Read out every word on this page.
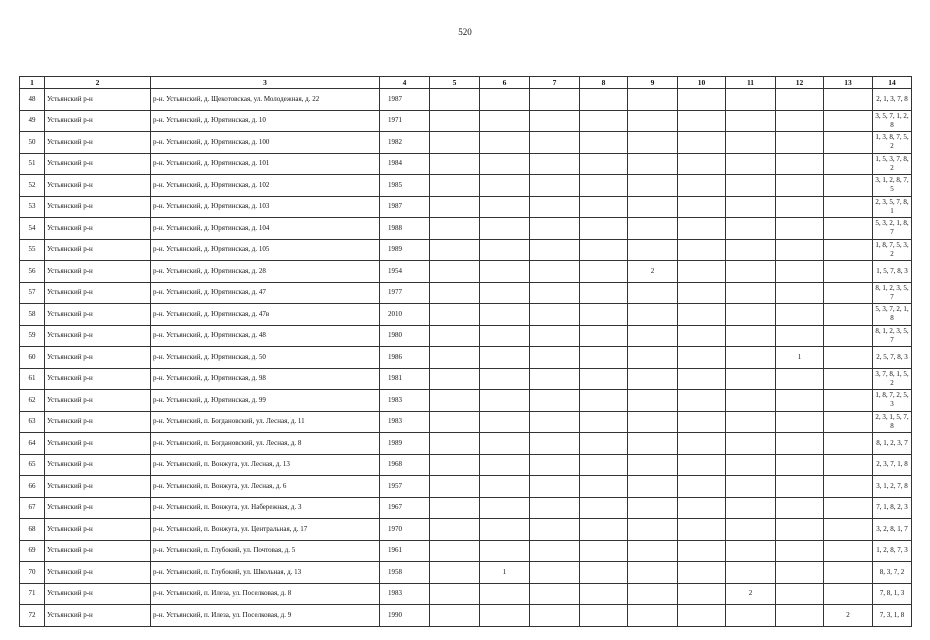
520
1	2	3	4	5	6	7	8	9	10	11	12	13	14
48	Устьянский р-н	р-н. Устьянский, д. Щекотовская, ул. Молодежная, д. 22	1987										2, 1, 3, 7, 8
49	Устьянский р-н	р-н. Устьянский, д. Юрятинская, д. 10	1971										3, 5, 7, 1, 2, 8
50	Устьянский р-н	р-н. Устьянский, д. Юрятинская, д. 100	1982										1, 3, 8, 7, 5, 2
51	Устьянский р-н	р-н. Устьянский, д. Юрятинская, д. 101	1984										1, 5, 3, 7, 8, 2
52	Устьянский р-н	р-н. Устьянский, д. Юрятинская, д. 102	1985										3, 1, 2, 8, 7, 5
53	Устьянский р-н	р-н. Устьянский, д. Юрятинская, д. 103	1987										2, 3, 5, 7, 8, 1
54	Устьянский р-н	р-н. Устьянский, д. Юрятинская, д. 104	1988										5, 3, 2, 1, 8, 7
55	Устьянский р-н	р-н. Устьянский, д. Юрятинская, д. 105	1989										1, 8, 7, 5, 3, 2
56	Устьянский р-н	р-н. Устьянский, д. Юрятинская, д. 28	1954					2					1, 5, 7, 8, 3
57	Устьянский р-н	р-н. Устьянский, д. Юрятинская, д. 47	1977										8, 1, 2, 3, 5, 7
58	Устьянский р-н	р-н. Устьянский, д. Юрятинская, д. 47в	2010										5, 3, 7, 2, 1, 8
59	Устьянский р-н	р-н. Устьянский, д. Юрятинская, д. 48	1980										8, 1, 2, 3, 5, 7
60	Устьянский р-н	р-н. Устьянский, д. Юрятинская, д. 50	1986								1		2, 5, 7, 8, 3
61	Устьянский р-н	р-н. Устьянский, д. Юрятинская, д. 98	1981										3, 7, 8, 1, 5, 2
62	Устьянский р-н	р-н. Устьянский, д. Юрятинская, д. 99	1983										1, 8, 7, 2, 5, 3
63	Устьянский р-н	р-н. Устьянский, п. Богдановский, ул. Лесная, д. 11	1983										2, 3, 1, 5, 7, 8
64	Устьянский р-н	р-н. Устьянский, п. Богдановский, ул. Лесная, д. 8	1989										8, 1, 2, 3, 7
65	Устьянский р-н	р-н. Устьянский, п. Вонжуга, ул. Лесная, д. 13	1968										2, 3, 7, 1, 8
66	Устьянский р-н	р-н. Устьянский, п. Вонжуга, ул. Лесная, д. 6	1957										3, 1, 2, 7, 8
67	Устьянский р-н	р-н. Устьянский, п. Вонжуга, ул. Набережная, д. 3	1967										7, 1, 8, 2, 3
68	Устьянский р-н	р-н. Устьянский, п. Вонжуга, ул. Центральная, д. 17	1970										3, 2, 8, 1, 7
69	Устьянский р-н	р-н. Устьянский, п. Глубокий, ул. Почтовая, д. 5	1961										1, 2, 8, 7, 3
70	Устьянский р-н	р-н. Устьянский, п. Глубокий, ул. Школьная, д. 13	1958		1								8, 3, 7, 2
71	Устьянский р-н	р-н. Устьянский, п. Илеза, ул. Поселковая, д. 8	1983							2			7, 8, 1, 3
72	Устьянский р-н	р-н. Устьянский, п. Илеза, ул. Поселковая, д. 9	1990									2	7, 3, 1, 8
